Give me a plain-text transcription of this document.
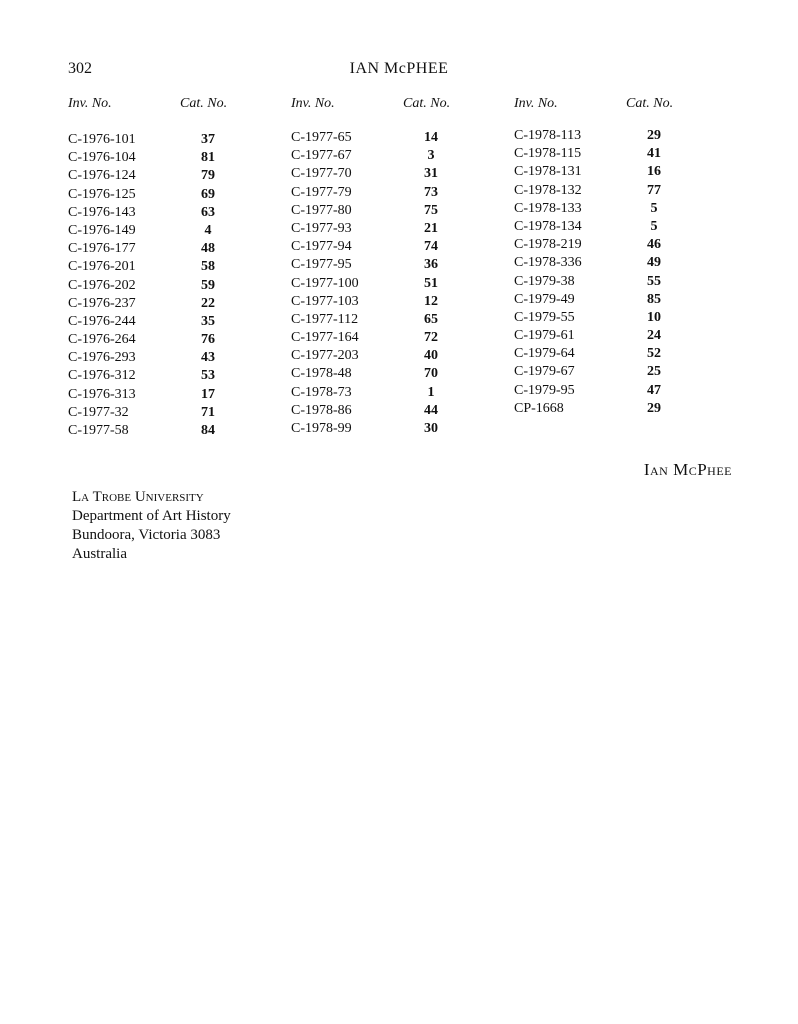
302	IAN McPHEE
Inv. No.	Cat. No.
C-1976-101	37
C-1976-104	81
C-1976-124	79
C-1976-125	69
C-1976-143	63
C-1976-149	4
C-1976-177	48
C-1976-201	58
C-1976-202	59
C-1976-237	22
C-1976-244	35
C-1976-264	76
C-1976-293	43
C-1976-312	53
C-1976-313	17
C-1977-32	71
C-1977-58	84
Inv. No.	Cat. No.
C-1977-65	14
C-1977-67	3
C-1977-70	31
C-1977-79	73
C-1977-80	75
C-1977-93	21
C-1977-94	74
C-1977-95	36
C-1977-100	51
C-1977-103	12
C-1977-112	65
C-1977-164	72
C-1977-203	40
C-1978-48	70
C-1978-73	1
C-1978-86	44
C-1978-99	30
Inv. No.	Cat. No.
C-1978-113	29
C-1978-115	41
C-1978-131	16
C-1978-132	77
C-1978-133	5
C-1978-134	5
C-1978-219	46
C-1978-336	49
C-1979-38	55
C-1979-49	85
C-1979-55	10
C-1979-61	24
C-1979-64	52
C-1979-67	25
C-1979-95	47
CP-1668	29
Ian McPhee
La Trobe University
Department of Art History
Bundoora, Victoria 3083
Australia
